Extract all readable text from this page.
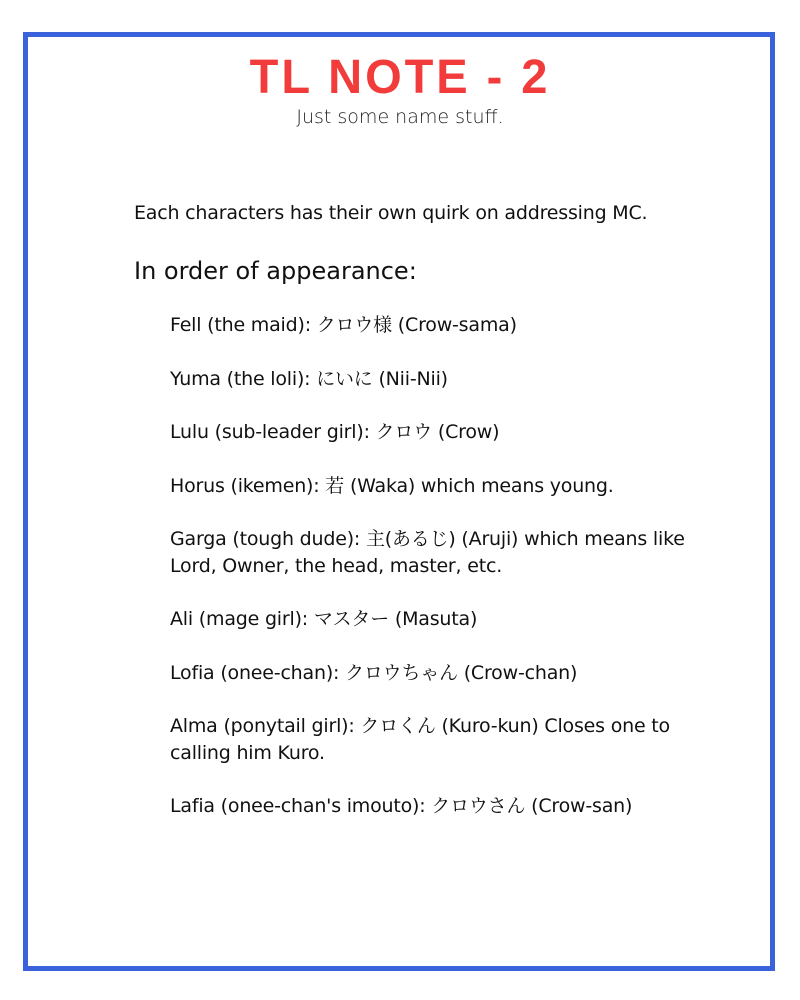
TL NOTE - 2
Just some name stuff.
Each characters has their own quirk on addressing MC.
In order of appearance:
Fell (the maid): クロウ様 (Crow-sama)
Yuma (the loli): にいに (Nii-Nii)
Lulu (sub-leader girl): クロウ (Crow)
Horus (ikemen): 若 (Waka) which means young.
Garga (tough dude): 主(あるじ) (Aruji) which means like Lord, Owner, the head, master, etc.
Ali (mage girl): マスター (Masuta)
Lofia (onee-chan): クロウちゃん (Crow-chan)
Alma (ponytail girl): クロくん (Kuro-kun) Closes one to calling him Kuro.
Lafia (onee-chan's imouto): クロウさん (Crow-san)
